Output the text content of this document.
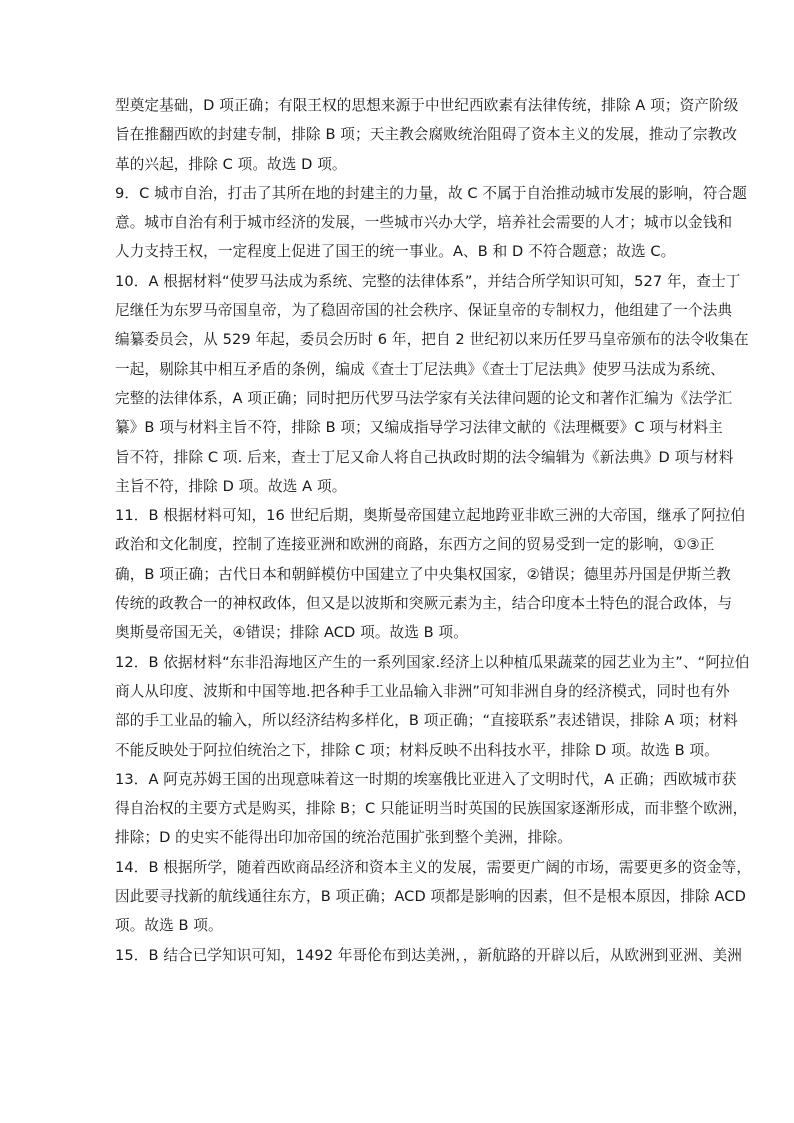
型奠定基础，D 项正确；有限王权的思想来源于中世纪西欧素有法律传统，排除 A 项；资产阶级
旨在推翻西欧的封建专制，排除 B 项；天主教会腐败统治阻碍了资本主义的发展，推动了宗教改
革的兴起，排除 C 项。故选 D 项。
9．C 城市自治，打击了其所在地的封建主的力量，故 C 不属于自治推动城市发展的影响，符合题
意。城市自治有利于城市经济的发展，一些城市兴办大学，培养社会需要的人才；城市以金钱和
人力支持王权，一定程度上促进了国王的统一事业。A、B 和 D 不符合题意；故选 C。
10．A 根据材料“使罗马法成为系统、完整的法律体系”，并结合所学知识可知，527 年，查士丁
尼继任为东罗马帝国皇帝，为了稳固帝国的社会秩序、保证皇帝的专制权力，他组建了一个法典
编纂委员会，从 529 年起，委员会历时 6 年，把自 2 世纪初以来历任罗马皇帝颁布的法令收集在
一起，剔除其中相互矛盾的条例，编成《查士丁尼法典》《查士丁尼法典》使罗马法成为系统、
完整的法律体系，A 项正确；同时把历代罗马法学家有关法律问题的论文和著作汇编为《法学汇
纂》B 项与材料主旨不符，排除 B 项；又编成指导学习法律文献的《法理概要》C 项与材料主
旨不符，排除 C 项. 后来，查士丁尼又命人将自己执政时期的法令编辑为《新法典》D 项与材料
主旨不符，排除 D 项。故选 A 项。
11．B 根据材料可知，16 世纪后期，奥斯曼帝国建立起地跨亚非欧三洲的大帝国，继承了阿拉伯
政治和文化制度，控制了连接亚洲和欧洲的商路，东西方之间的贸易受到一定的影响，①③正
确，B 项正确；古代日本和朝鲜模仿中国建立了中央集权国家，②错误；德里苏丹国是伊斯兰教
传统的政教合一的神权政体，但又是以波斯和突厥元素为主，结合印度本土特色的混合政体，与
奥斯曼帝国无关，④错误；排除 ACD 项。故选 B 项。
12．B 依据材料“东非沿海地区产生的一系列国家.经济上以种植瓜果蔬菜的园艺业为主”、“阿拉伯
商人从印度、波斯和中国等地.把各种手工业品输入非洲”可知非洲自身的经济模式，同时也有外
部的手工业品的输入，所以经济结构多样化，B 项正确；“直接联系”表述错误，排除 A 项；材料
不能反映处于阿拉伯统治之下，排除 C 项；材料反映不出科技水平，排除 D 项。故选 B 项。
13．A 阿克苏姆王国的出现意味着这一时期的埃塞俄比亚进入了文明时代，A 正确；西欧城市获
得自治权的主要方式是购买，排除 B；C 只能证明当时英国的民族国家逐渐形成，而非整个欧洲，
排除；D 的史实不能得出印加帝国的统治范围扩张到整个美洲，排除。
14．B 根据所学，随着西欧商品经济和资本主义的发展，需要更广阔的市场，需要更多的资金等，
因此要寻找新的航线通往东方，B 项正确；ACD 项都是影响的因素，但不是根本原因，排除 ACD
项。故选 B 项。
15．B 结合已学知识可知，1492 年哥伦布到达美洲，，新航路的开辟以后，从欧洲到亚洲、美洲
